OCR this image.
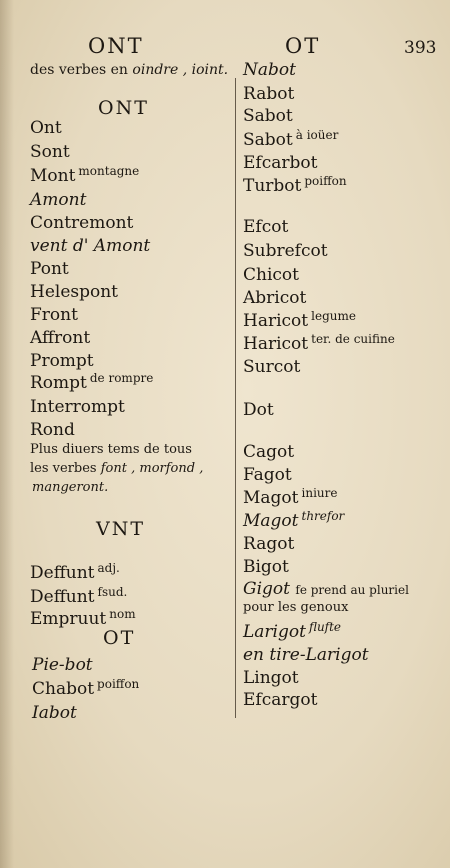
ONT	OT	393
des verbes en oindre , ioint.
ONT
Ont
Sont
Mont $^{montagne}$
Amont
Contremont
vent d' Amont
Pont
Helespont
Front
Affront
Prompt
Rompt $^{de rompre}$
Interrompt
Rond
Plus diuers tems de tous
les verbes font , morfond ,
mangeront.
VNT
Deffunt $^{adj.}$
Deffunt $^{fsud.}$
Empruut $^{nom}$
OT
Pie-bot
Chabot $^{poiffon}$
Iabot
Nabot
Rabot
Sabot
Sabot $^{à ioüer}$
Efcarbot
Turbot $^{poiffon}$
Efcot
Subrefcot
Chicot
Abricot
Haricot $^{legume}$
Haricot $^{ter. de cuifine}$
Surcot
Dot
Cagot
Fagot
Magot $^{iniure}$
Magot $^{threfor}$
Ragot
Bigot
Larigot $^{flufte}$
en tire-Larigot
Lingot
Efcargot
Gigot fe prend au pluriel
pour les genoux
